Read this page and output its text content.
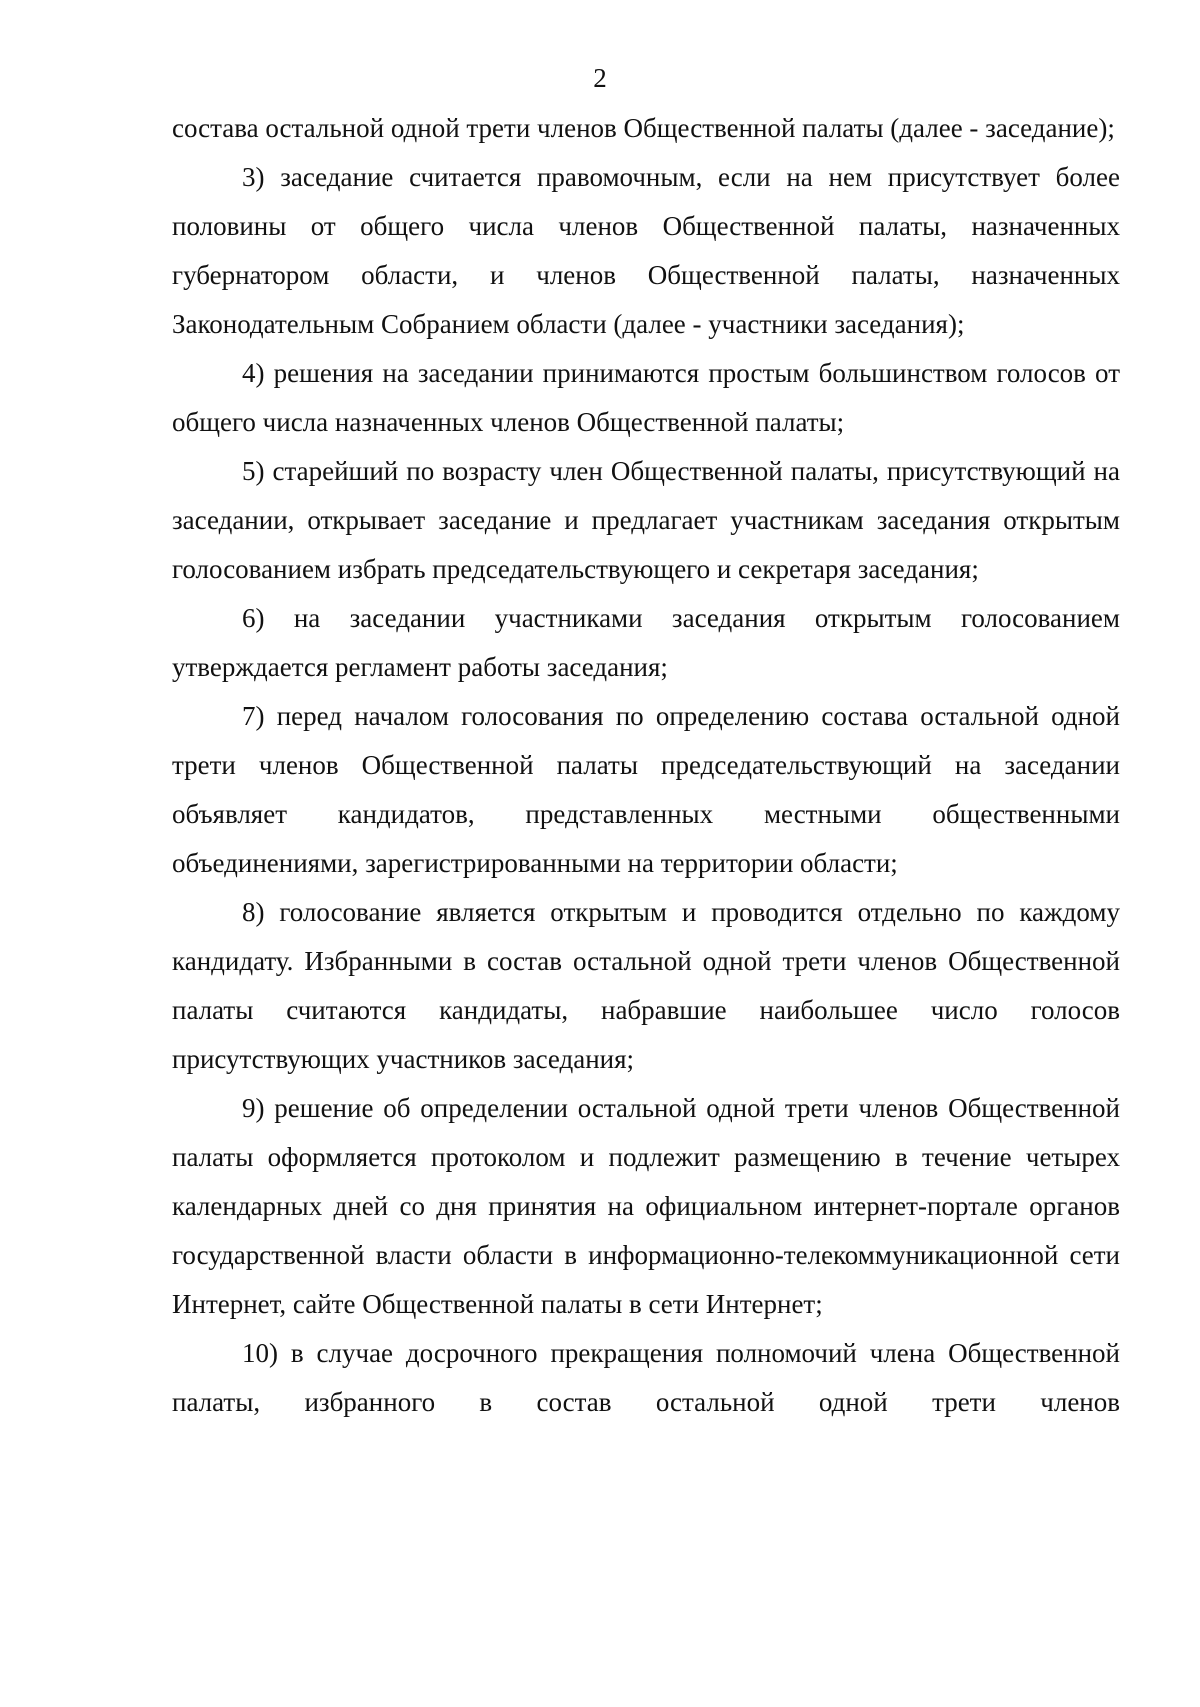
2

состава остальной одной трети членов Общественной палаты (далее - заседание);

3) заседание считается правомочным, если на нем присутствует более половины от общего числа членов Общественной палаты, назначенных губернатором области, и членов Общественной палаты, назначенных Законодательным Собранием области (далее - участники заседания);

4) решения на заседании принимаются простым большинством голосов от общего числа назначенных членов Общественной палаты;

5) старейший по возрасту член Общественной палаты, присутствующий на заседании, открывает заседание и предлагает участникам заседания открытым голосованием избрать председательствующего и секретаря заседания;

6) на заседании участниками заседания открытым голосованием утверждается регламент работы заседания;

7) перед началом голосования по определению состава остальной одной трети членов Общественной палаты председательствующий на заседании объявляет кандидатов, представленных местными общественными объединениями, зарегистрированными на территории области;

8) голосование является открытым и проводится отдельно по каждому кандидату. Избранными в состав остальной одной трети членов Общественной палаты считаются кандидаты, набравшие наибольшее число голосов присутствующих участников заседания;

9) решение об определении остальной одной трети членов Общественной палаты оформляется протоколом и подлежит размещению в течение четырех календарных дней со дня принятия на официальном интернет-портале органов государственной власти области в информационно-телекоммуникационной сети Интернет, сайте Общественной палаты в сети Интернет;

10) в случае досрочного прекращения полномочий члена Общественной палаты, избранного в состав остальной одной трети членов
